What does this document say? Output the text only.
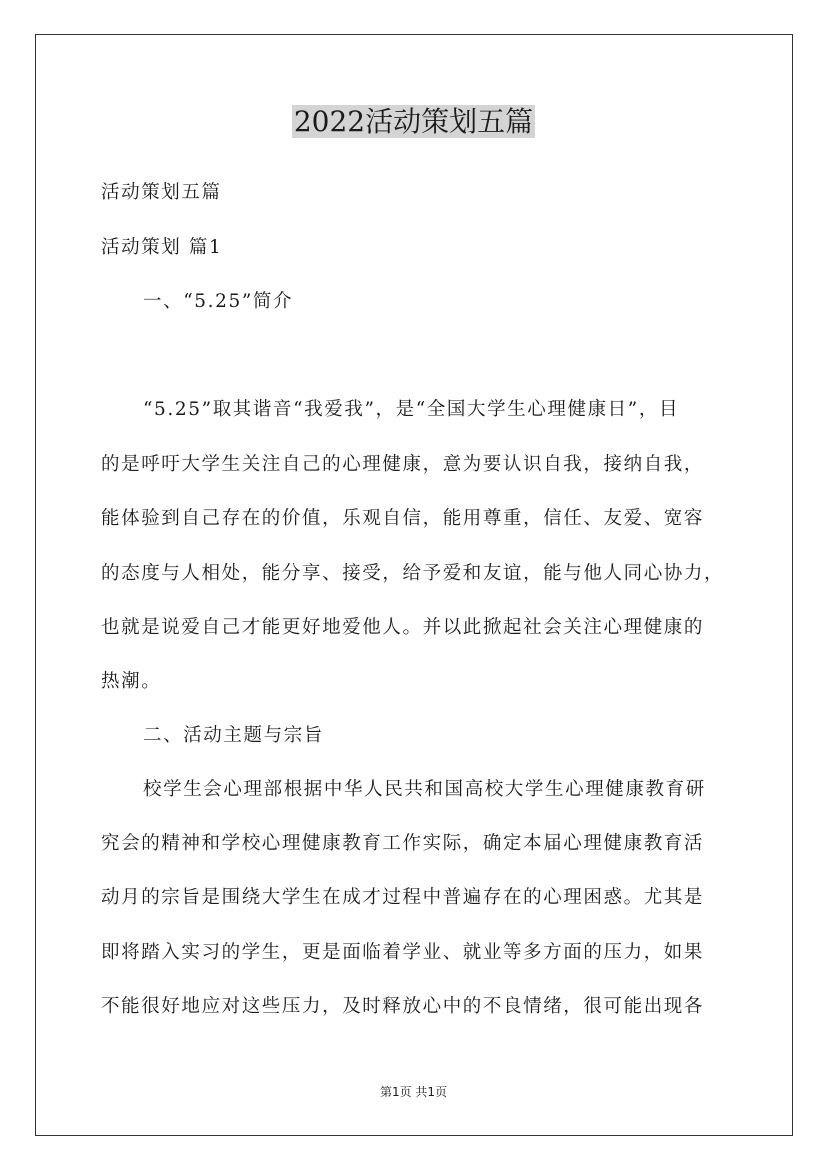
2022活动策划五篇

活动策划五篇

活动策划 篇1

一、“5.25”简介

“5.25”取其谐音“我爱我”，是“全国大学生心理健康日”，目

的是呼吁大学生关注自己的心理健康，意为要认识自我，接纳自我，

能体验到自己存在的价值，乐观自信，能用尊重，信任、友爱、宽容

的态度与人相处，能分享、接受，给予爱和友谊，能与他人同心协力，

也就是说爱自己才能更好地爱他人。并以此掀起社会关注心理健康的

热潮。

二、活动主题与宗旨

校学生会心理部根据中华人民共和国高校大学生心理健康教育研

究会的精神和学校心理健康教育工作实际，确定本届心理健康教育活

动月的宗旨是围绕大学生在成才过程中普遍存在的心理困惑。尤其是

即将踏入实习的学生，更是面临着学业、就业等多方面的压力，如果

不能很好地应对这些压力，及时释放心中的不良情绪，很可能出现各

第1页 共1页
